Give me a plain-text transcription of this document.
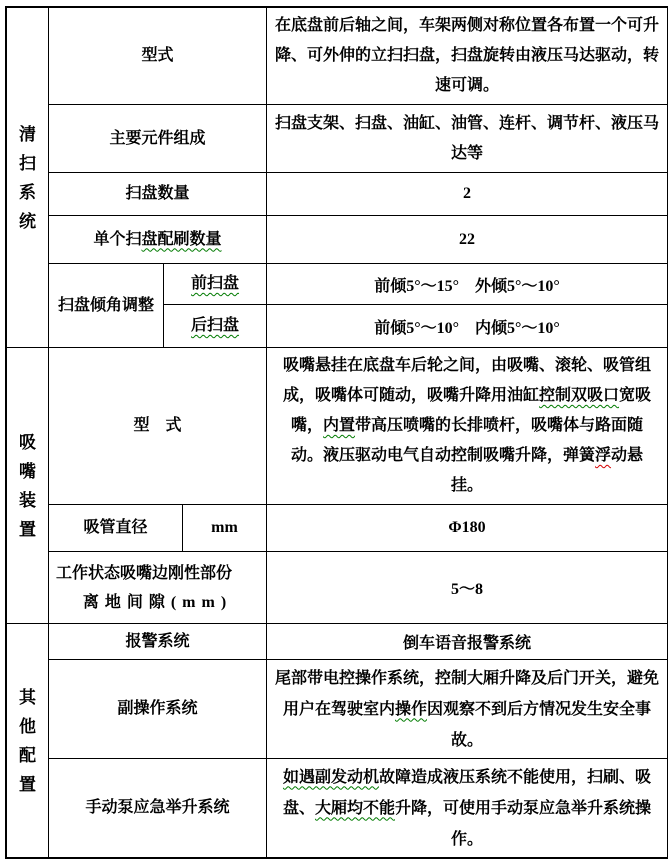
清扫系统	型式		在底盘前后轴之间，车架两侧对称位置各布置一个可升降、可外伸的立扫扫盘，扫盘旋转由液压马达驱动，转速可调。

	主要元件组成		扫盘支架、扫盘、油缸、油管、连杆、调节杆、液压马达等

	扫盘数量		2
	单个扫盘配刷数量		22
	扫盘倾角调整	前扫盘	前倾5°～15°　外倾5°～10°
		后扫盘	前倾5°～10°　内倾5°～10°
吸嘴装置	型　式		吸嘴悬挂在底盘车后轮之间，由吸嘴、滚轮、吸管组成，吸嘴体可随动，吸嘴升降用油缸控制双吸口宽吸嘴，内置带高压喷嘴的长排喷杆，吸嘴体与路面随动。液压驱动电气自动控制吸嘴升降，弹簧浮动悬挂。

	吸管直径	mm	Φ180

	工作状态吸嘴边刚性部份
离地间隙(mm)		5～8
其他配置	报警系统	倒车语音报警系统
	副操作系统	尾部带电控操作系统，控制大厢升降及后门开关，避免用户在驾驶室内操作因观察不到后方情况发生安全事故。

	手动泵应急举升系统	如遇副发动机故障造成液压系统不能使用，扫刷、吸盘、大厢均不能升降，可使用手动泵应急举升系统操作。
